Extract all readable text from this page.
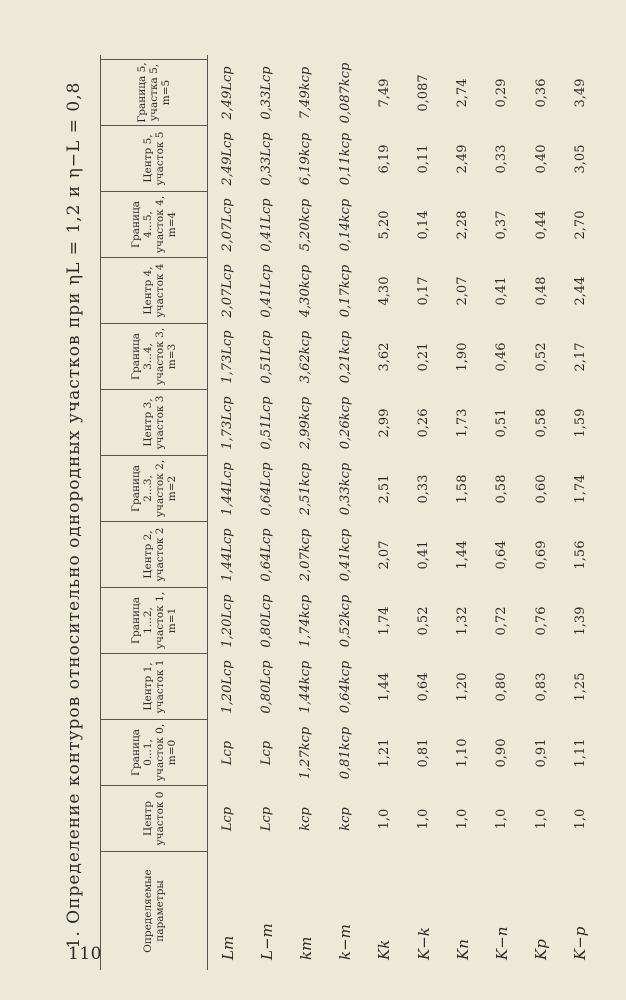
110
1. Определение контуров относительно однородных участков при ηL = 1,2 и η−L = 0,8	Определяемые параметры
Центр участок 0
Граница 0...1, участок 0, m=0
Центр 1, участок 1
Граница 1...2, участок 1, m=1
Центр 2, участок 2
Граница 2...3, участок 2, m=2
Центр 3, участок 3
Граница 3...4, участок 3, m=3
Центр 4, участок 4
Граница 4...5, участок 4, m=4
Центр 5, участок 5
Граница 5, участка 5, m=5
Lm
Lcp
Lcp
1,20Lcp
1,20Lcp
1,44Lcp
1,44Lcp
1,73Lcp
1,73Lcp
2,07Lcp
2,07Lcp
2,49Lcp
2,49Lcp
L−m
Lcp
Lcp
0,80Lcp
0,80Lcp
0,64Lcp
0,64Lcp
0,51Lcp
0,51Lcp
0,41Lcp
0,41Lcp
0,33Lcp
0,33Lcp
km
kcp
1,27kcp
1,44kcp
1,74kcp
2,07kcp
2,51kcp
2,99kcp
3,62kcp
4,30kcp
5,20kcp
6,19kcp
7,49kcp
k−m
kcp
0,81kcp
0,64kcp
0,52kcp
0,41kcp
0,33kcp
0,26kcp
0,21kcp
0,17kcp
0,14kcp
0,11kcp
0,087kcp
Kk
1,0
1,21
1,44
1,74
2,07
2,51
2,99
3,62
4,30
5,20
6,19
7,49
K−k
1,0
0,81
0,64
0,52
0,41
0,33
0,26
0,21
0,17
0,14
0,11
0,087
Kn
1,0
1,10
1,20
1,32
1,44
1,58
1,73
1,90
2,07
2,28
2,49
2,74
K−n
1,0
0,90
0,80
0,72
0,64
0,58
0,51
0,46
0,41
0,37
0,33
0,29
Kp
1,0
0,91
0,83
0,76
0,69
0,60
0,58
0,52
0,48
0,44
0,40
0,36
K−p
1,0
1,11
1,25
1,39
1,56
1,74
1,59
2,17
2,44
2,70
3,05
3,49
